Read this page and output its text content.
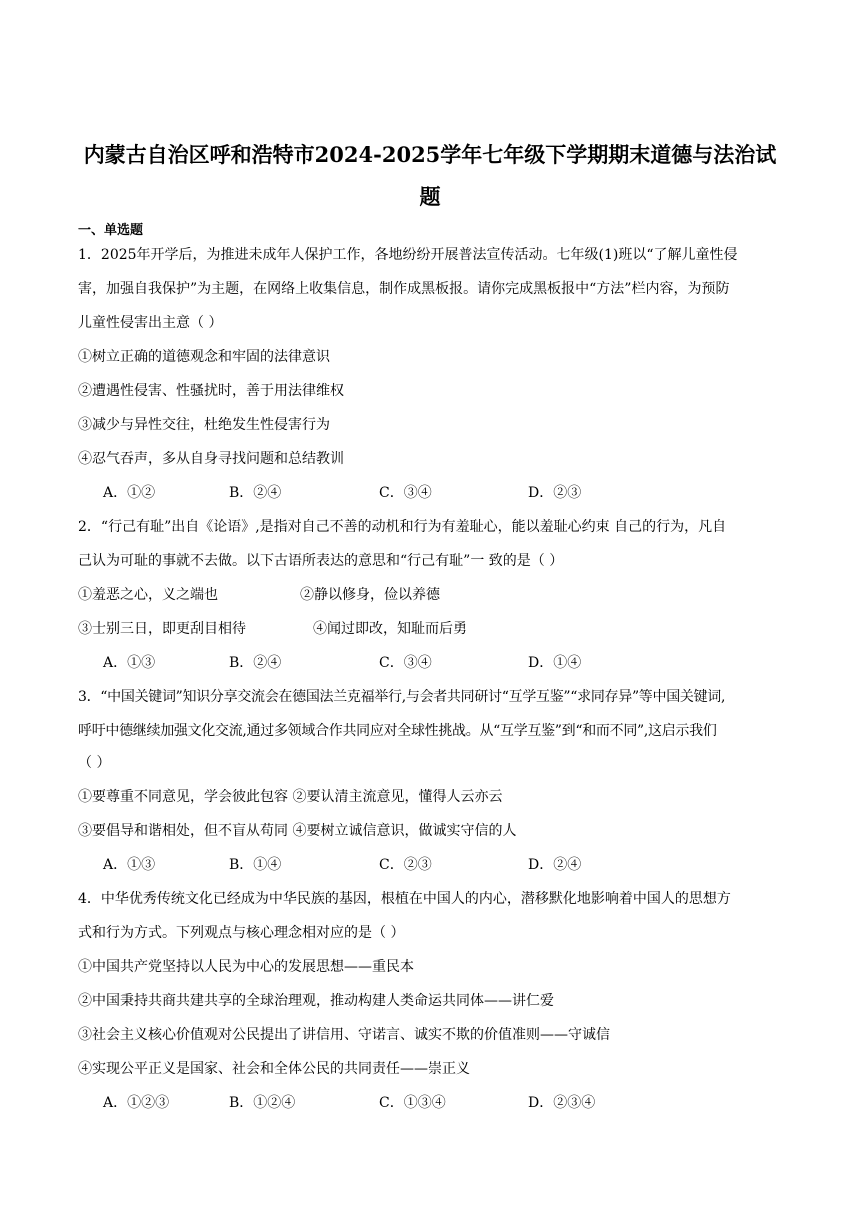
内蒙古自治区呼和浩特市2024-2025学年七年级下学期期末道德与法治试
题
一、单选题
1．2025年开学后，为推进未成年人保护工作，各地纷纷开展普法宣传活动。七年级(1)班以“了解儿童性侵
害，加强自我保护”为主题，在网络上收集信息，制作成黑板报。请你完成黑板报中“方法”栏内容，为预防
儿童性侵害出主意（ ）
①树立正确的道德观念和牢固的法律意识
②遭遇性侵害、性骚扰时，善于用法律维权
③减少与异性交往，杜绝发生性侵害行为
④忍气吞声，多从自身寻找问题和总结教训
A．①②	B．②④	C．③④	D．②③
2．“行己有耻”出自《论语》,是指对自己不善的动机和行为有羞耻心，能以羞耻心约束 自己的行为，凡自
己认为可耻的事就不去做。以下古语所表达的意思和“行己有耻”一 致的是（ ）
①羞恶之心，义之端也	②静以修身，俭以养德
③士别三日，即更刮目相待	④闻过即改，知耻而后勇
A．①③	B．②④	C．③④	D．①④
3．“中国关键词”知识分享交流会在德国法兰克福举行,与会者共同研讨“互学互鉴”“求同存异”等中国关键词,
呼吁中德继续加强文化交流,通过多领域合作共同应对全球性挑战。从“互学互鉴”到“和而不同”,这启示我们
（ ）
①要尊重不同意见，学会彼此包容 ②要认清主流意见，懂得人云亦云
③要倡导和谐相处，但不盲从苟同 ④要树立诚信意识，做诚实守信的人
A．①③	B．①④	C．②③	D．②④
4．中华优秀传统文化已经成为中华民族的基因，根植在中国人的内心，潜移默化地影响着中国人的思想方
式和行为方式。下列观点与核心理念相对应的是（ ）
①中国共产党坚持以人民为中心的发展思想——重民本
②中国秉持共商共建共享的全球治理观，推动构建人类命运共同体——讲仁爱
③社会主义核心价值观对公民提出了讲信用、守诺言、诚实不欺的价值准则——守诚信
④实现公平正义是国家、社会和全体公民的共同责任——崇正义
A．①②③	B．①②④	C．①③④	D．②③④
